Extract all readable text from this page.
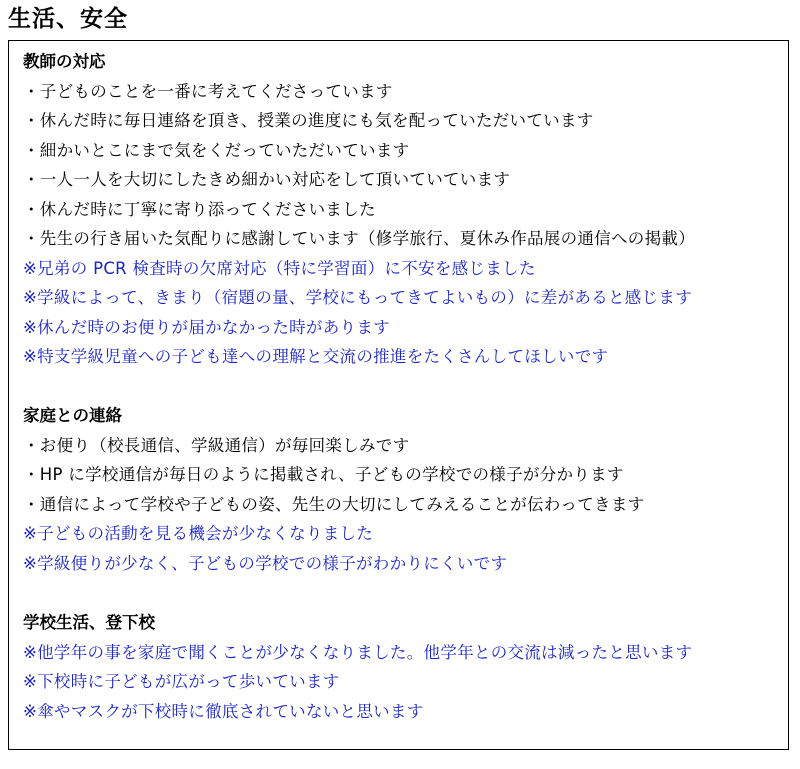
生活、安全
教師の対応
・子どものことを一番に考えてくださっています
・休んだ時に毎日連絡を頂き、授業の進度にも気を配っていただいています
・細かいとこにまで気をくだっていただいています
・一人一人を大切にしたきめ細かい対応をして頂いていています
・休んだ時に丁寧に寄り添ってくださいました
・先生の行き届いた気配りに感謝しています（修学旅行、夏休み作品展の通信への掲載）
※兄弟の PCR 検査時の欠席対応（特に学習面）に不安を感じました
※学級によって、きまり（宿題の量、学校にもってきてよいもの）に差があると感じます
※休んだ時のお便りが届かなかった時があります
※特支学級児童への子ども達への理解と交流の推進をたくさんしてほしいです
家庭との連絡
・お便り（校長通信、学級通信）が毎回楽しみです
・HP に学校通信が毎日のように掲載され、子どもの学校での様子が分かります
・通信によって学校や子どもの姿、先生の大切にしてみえることが伝わってきます
※子どもの活動を見る機会が少なくなりました
※学級便りが少なく、子どもの学校での様子がわかりにくいです
学校生活、登下校
※他学年の事を家庭で聞くことが少なくなりました。他学年との交流は減ったと思います
※下校時に子どもが広がって歩いています
※傘やマスクが下校時に徹底されていないと思います
